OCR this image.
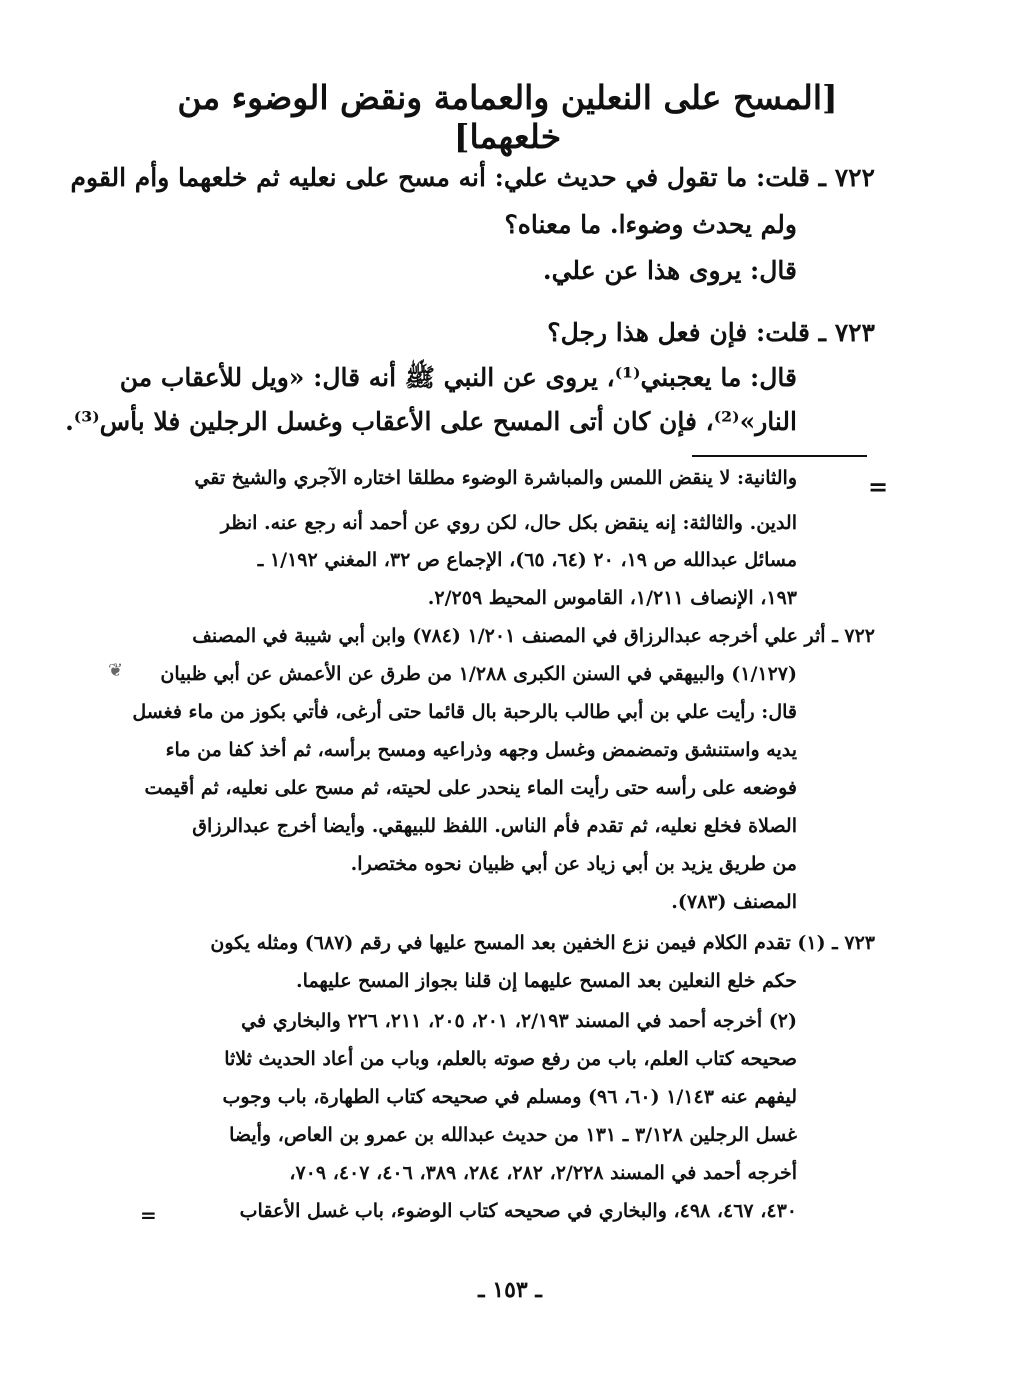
[المسح على النعلين والعمامة ونقض الوضوء من خلعهما]
٧٢٢ ـ قلت: ما تقول في حديث علي: أنه مسح على نعليه ثم خلعهما وأم القوم
ولم يحدث وضوءا. ما معناه؟
قال: يروى هذا عن علي.
٧٢٣ ـ قلت: فإن فعل هذا رجل؟
قال: ما يعجبني⁽¹⁾، يروى عن النبي ﷺ أنه قال: «ويل للأعقاب من
النار»⁽²⁾، فإن كان أتى المسح على الأعقاب وغسل الرجلين فلا بأس⁽³⁾.
=
❦
والثانية: لا ينقض اللمس والمباشرة الوضوء مطلقا اختاره الآجري والشيخ تقي
الدين. والثالثة: إنه ينقض بكل حال، لكن روي عن أحمد أنه رجع عنه. انظر
مسائل عبدالله ص ١٩، ٢٠ (٦٤، ٦٥)، الإجماع ص ٣٢، المغني ١/١٩٢ ـ
١٩٣، الإنصاف ١/٢١١، القاموس المحيط ٢/٢٥٩.
٧٢٢ ـ أثر علي أخرجه عبدالرزاق في المصنف ١/٢٠١ (٧٨٤) وابن أبي شيبة في المصنف
(١/١٢٧) والبيهقي في السنن الكبرى ١/٢٨٨ من طرق عن الأعمش عن أبي ظبيان
قال: رأيت علي بن أبي طالب بالرحبة بال قائما حتى أرغى، فأتي بكوز من ماء فغسل
يديه واستنشق وتمضمض وغسل وجهه وذراعيه ومسح برأسه، ثم أخذ كفا من ماء
فوضعه على رأسه حتى رأيت الماء ينحدر على لحيته، ثم مسح على نعليه، ثم أقيمت
الصلاة فخلع نعليه، ثم تقدم فأم الناس. اللفظ للبيهقي. وأيضا أخرج عبدالرزاق
من طريق يزيد بن أبي زياد عن أبي ظبيان نحوه مختصرا.
المصنف (٧٨٣).
٧٢٣ ـ (١) تقدم الكلام فيمن نزع الخفين بعد المسح عليها في رقم (٦٨٧) ومثله يكون
حكم خلع النعلين بعد المسح عليهما إن قلنا بجواز المسح عليهما.
(٢) أخرجه أحمد في المسند ٢/١٩٣، ٢٠١، ٢٠٥، ٢١١، ٢٢٦ والبخاري في
صحيحه كتاب العلم، باب من رفع صوته بالعلم، وباب من أعاد الحديث ثلاثا
ليفهم عنه ١/١٤٣ (٦٠، ٩٦) ومسلم في صحيحه كتاب الطهارة، باب وجوب
غسل الرجلين ٣/١٢٨ ـ ١٣١ من حديث عبدالله بن عمرو بن العاص، وأيضا
أخرجه أحمد في المسند ٢/٢٢٨، ٢٨٢، ٢٨٤، ٣٨٩، ٤٠٦، ٤٠٧، ٧٠٩،
٤٣٠، ٤٦٧، ٤٩٨، والبخاري في صحيحه كتاب الوضوء، باب غسل الأعقاب
=
ـ ١٥٣ ـ
